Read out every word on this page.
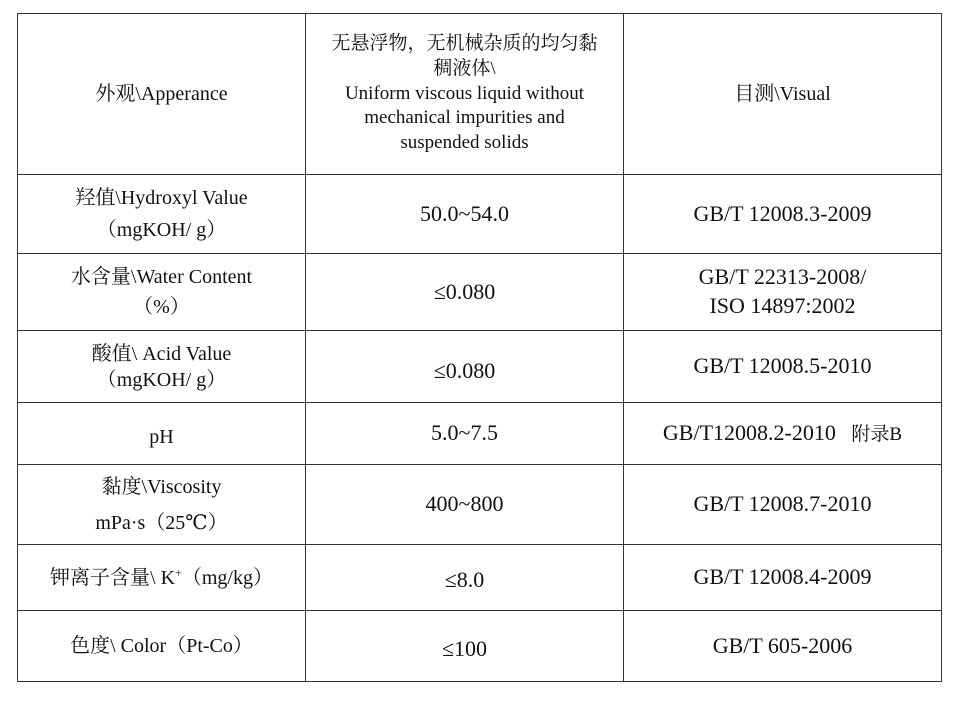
外观\Apperance	无悬浮物，无机械杂质的均匀黏
稠液体\
Uniform viscous liquid without
mechanical impurities and
suspended solids	目测\Visual

羟值\Hydroxyl Value
（mgKOH/ g）	50.0~54.0	GB/T 12008.3-2009

水含量\Water Content
（%）	≤0.080	GB/T 22313-2008/
ISO 14897:2002

酸值\ Acid Value
（mgKOH/ g）	≤0.080	GB/T 12008.5-2010

pH	5.0~7.5	GB/T12008.2-2010 附录B

黏度\Viscosity
mPa·s（25℃）	400~800	GB/T 12008.7-2010

钾离子含量\ K+（mg/kg）	≤8.0	GB/T 12008.4-2009

色度\ Color（Pt-Co）	≤100	GB/T 605-2006
